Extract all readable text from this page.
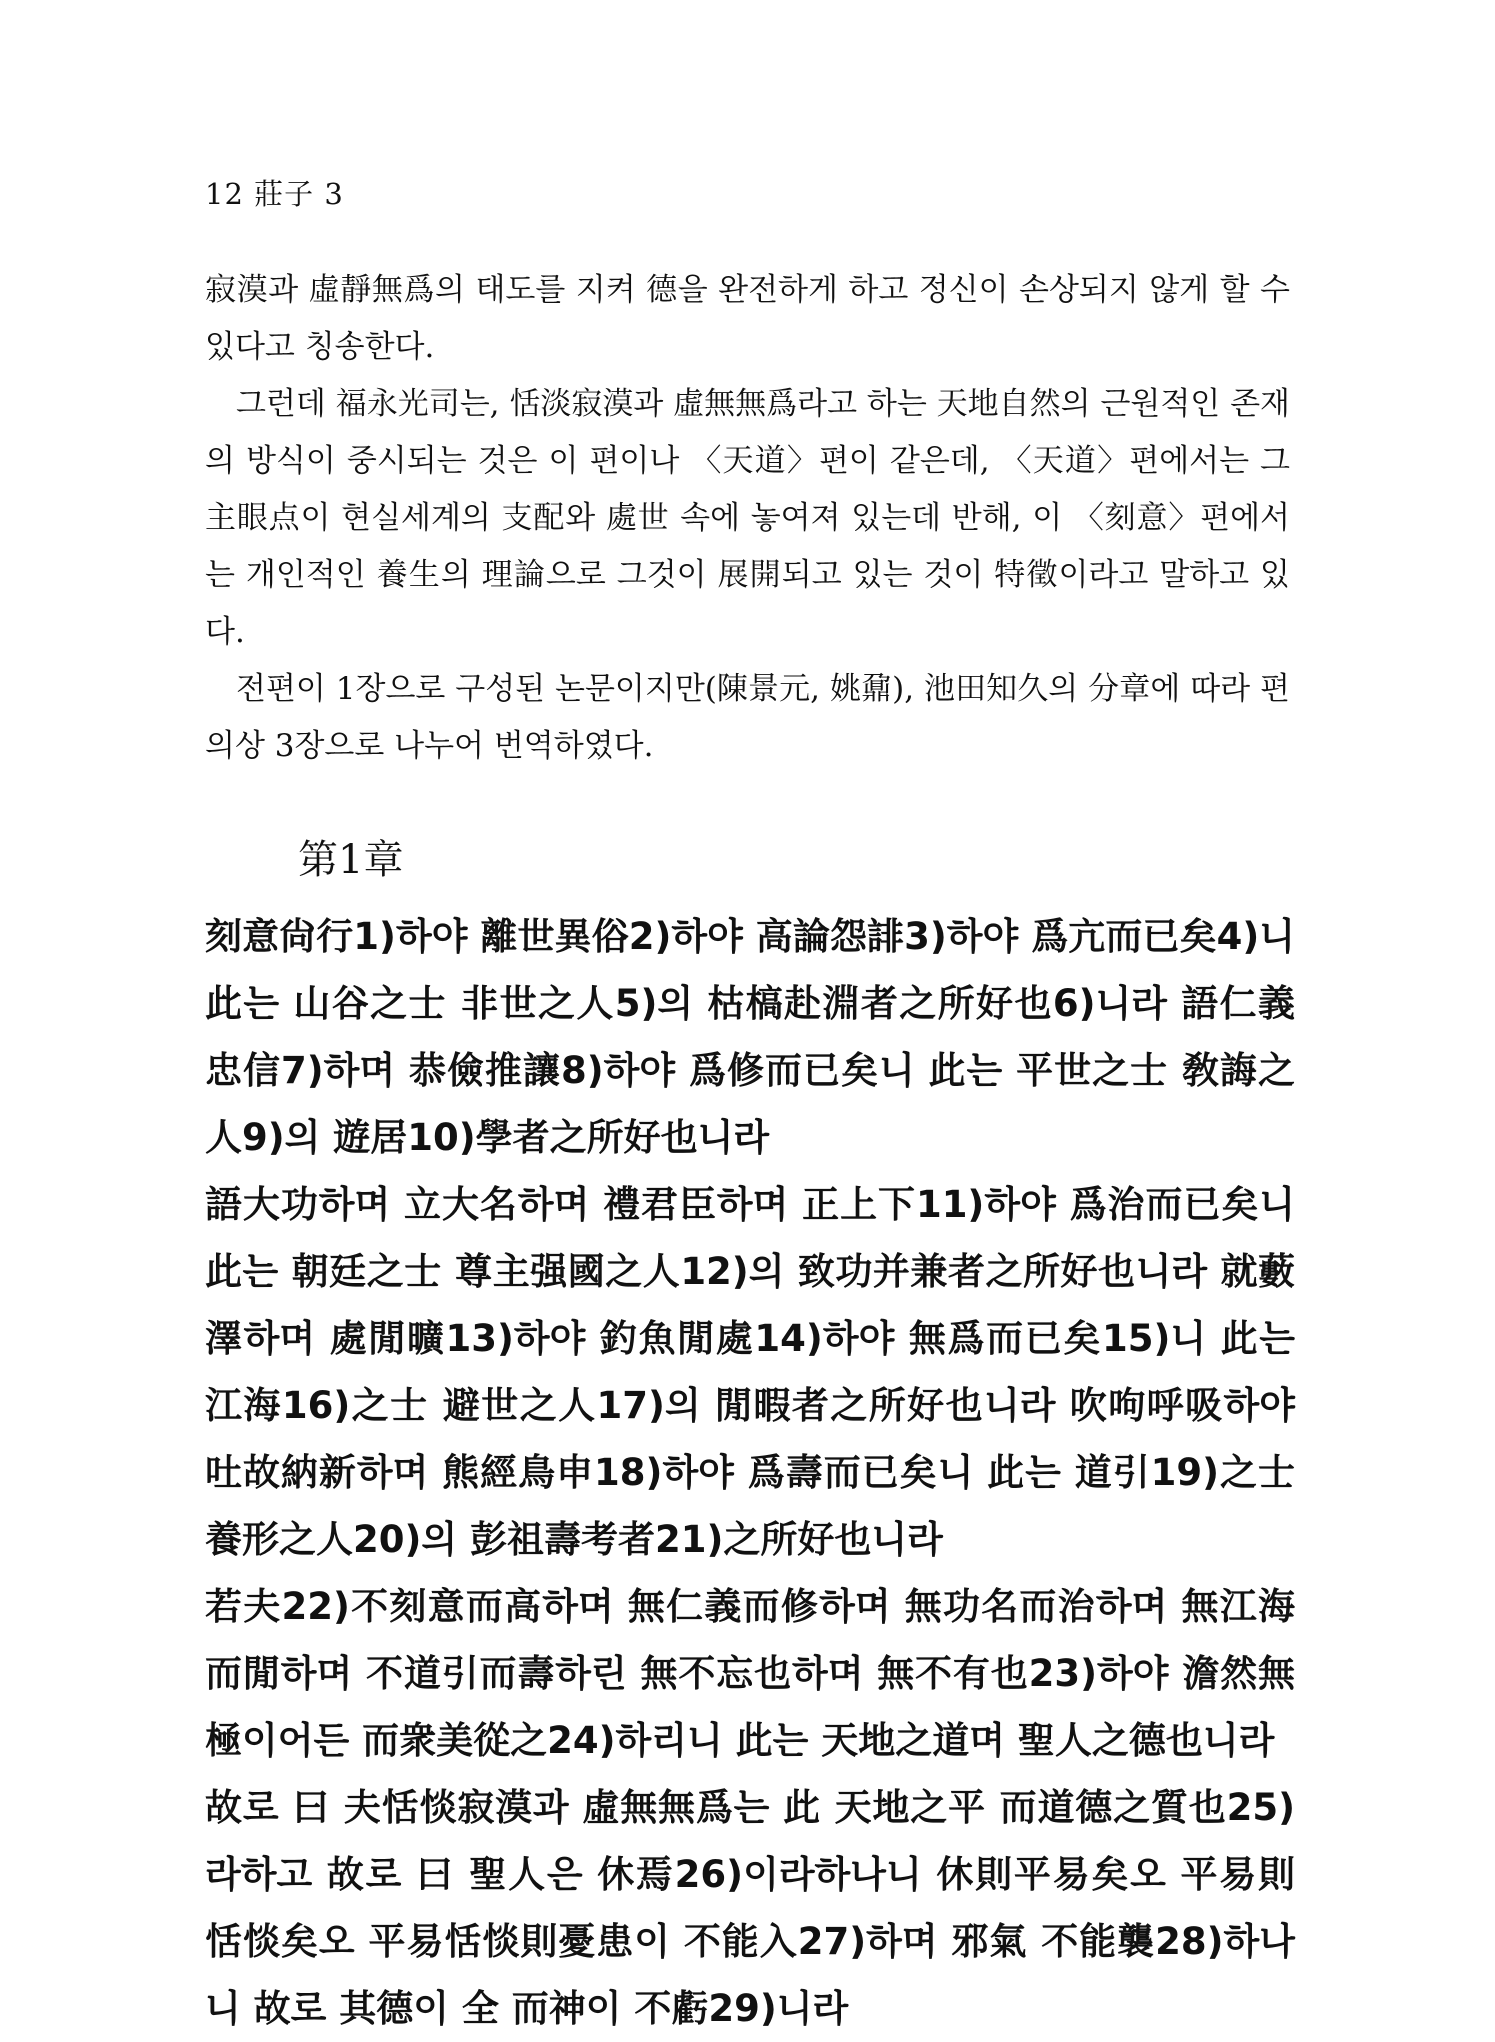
12 莊子 3

寂漠과 虛靜無爲의 태도를 지켜 德을 완전하게 하고 정신이 손상되지 않게 할 수 있다고 칭송한다.

그런데 福永光司는, 恬淡寂漠과 虛無無爲라고 하는 天地自然의 근원적인 존재의 방식이 중시되는 것은 이 편이나 〈天道〉편이 같은데, 〈天道〉편에서는 그 主眼点이 현실세계의 支配와 處世 속에 놓여져 있는데 반해, 이 〈刻意〉편에서는 개인적인 養生의 理論으로 그것이 展開되고 있는 것이 特徵이라고 말하고 있다.

전편이 1장으로 구성된 논문이지만(陳景元, 姚鼐), 池田知久의 分章에 따라 편의상 3장으로 나누어 번역하였다.

第1章

刻意尙行1)하야 離世異俗2)하야 高論怨誹3)하야 爲亢而已矣4)니 此는 山谷之士 非世之人5)의 枯槁赴淵者之所好也6)니라 語仁義忠信7)하며 恭儉推讓8)하야 爲修而已矣니 此는 平世之士 敎誨之人9)의 遊居10)學者之所好也니라

語大功하며 立大名하며 禮君臣하며 正上下11)하야 爲治而已矣니 此는 朝廷之士 尊主强國之人12)의 致功并兼者之所好也니라 就藪澤하며 處閒曠13)하야 釣魚閒處14)하야 無爲而已矣15)니 此는 江海16)之士 避世之人17)의 閒暇者之所好也니라 吹呴呼吸하야 吐故納新하며 熊經鳥申18)하야 爲壽而已矣니 此는 道引19)之士 養形之人20)의 彭祖壽考者21)之所好也니라

若夫22)不刻意而高하며 無仁義而修하며 無功名而治하며 無江海而閒하며 不道引而壽하린 無不忘也하며 無不有也23)하야 澹然無極이어든 而衆美從之24)하리니 此는 天地之道며 聖人之德也니라

故로 曰 夫恬惔寂漠과 虛無無爲는 此 天地之平 而道德之質也25)라하고 故로 曰 聖人은 休焉26)이라하나니 休則平易矣오 平易則恬惔矣오 平易恬惔則憂患이 不能入27)하며 邪氣 不能襲28)하나니 故로 其德이 全 而神이 不虧29)니라
